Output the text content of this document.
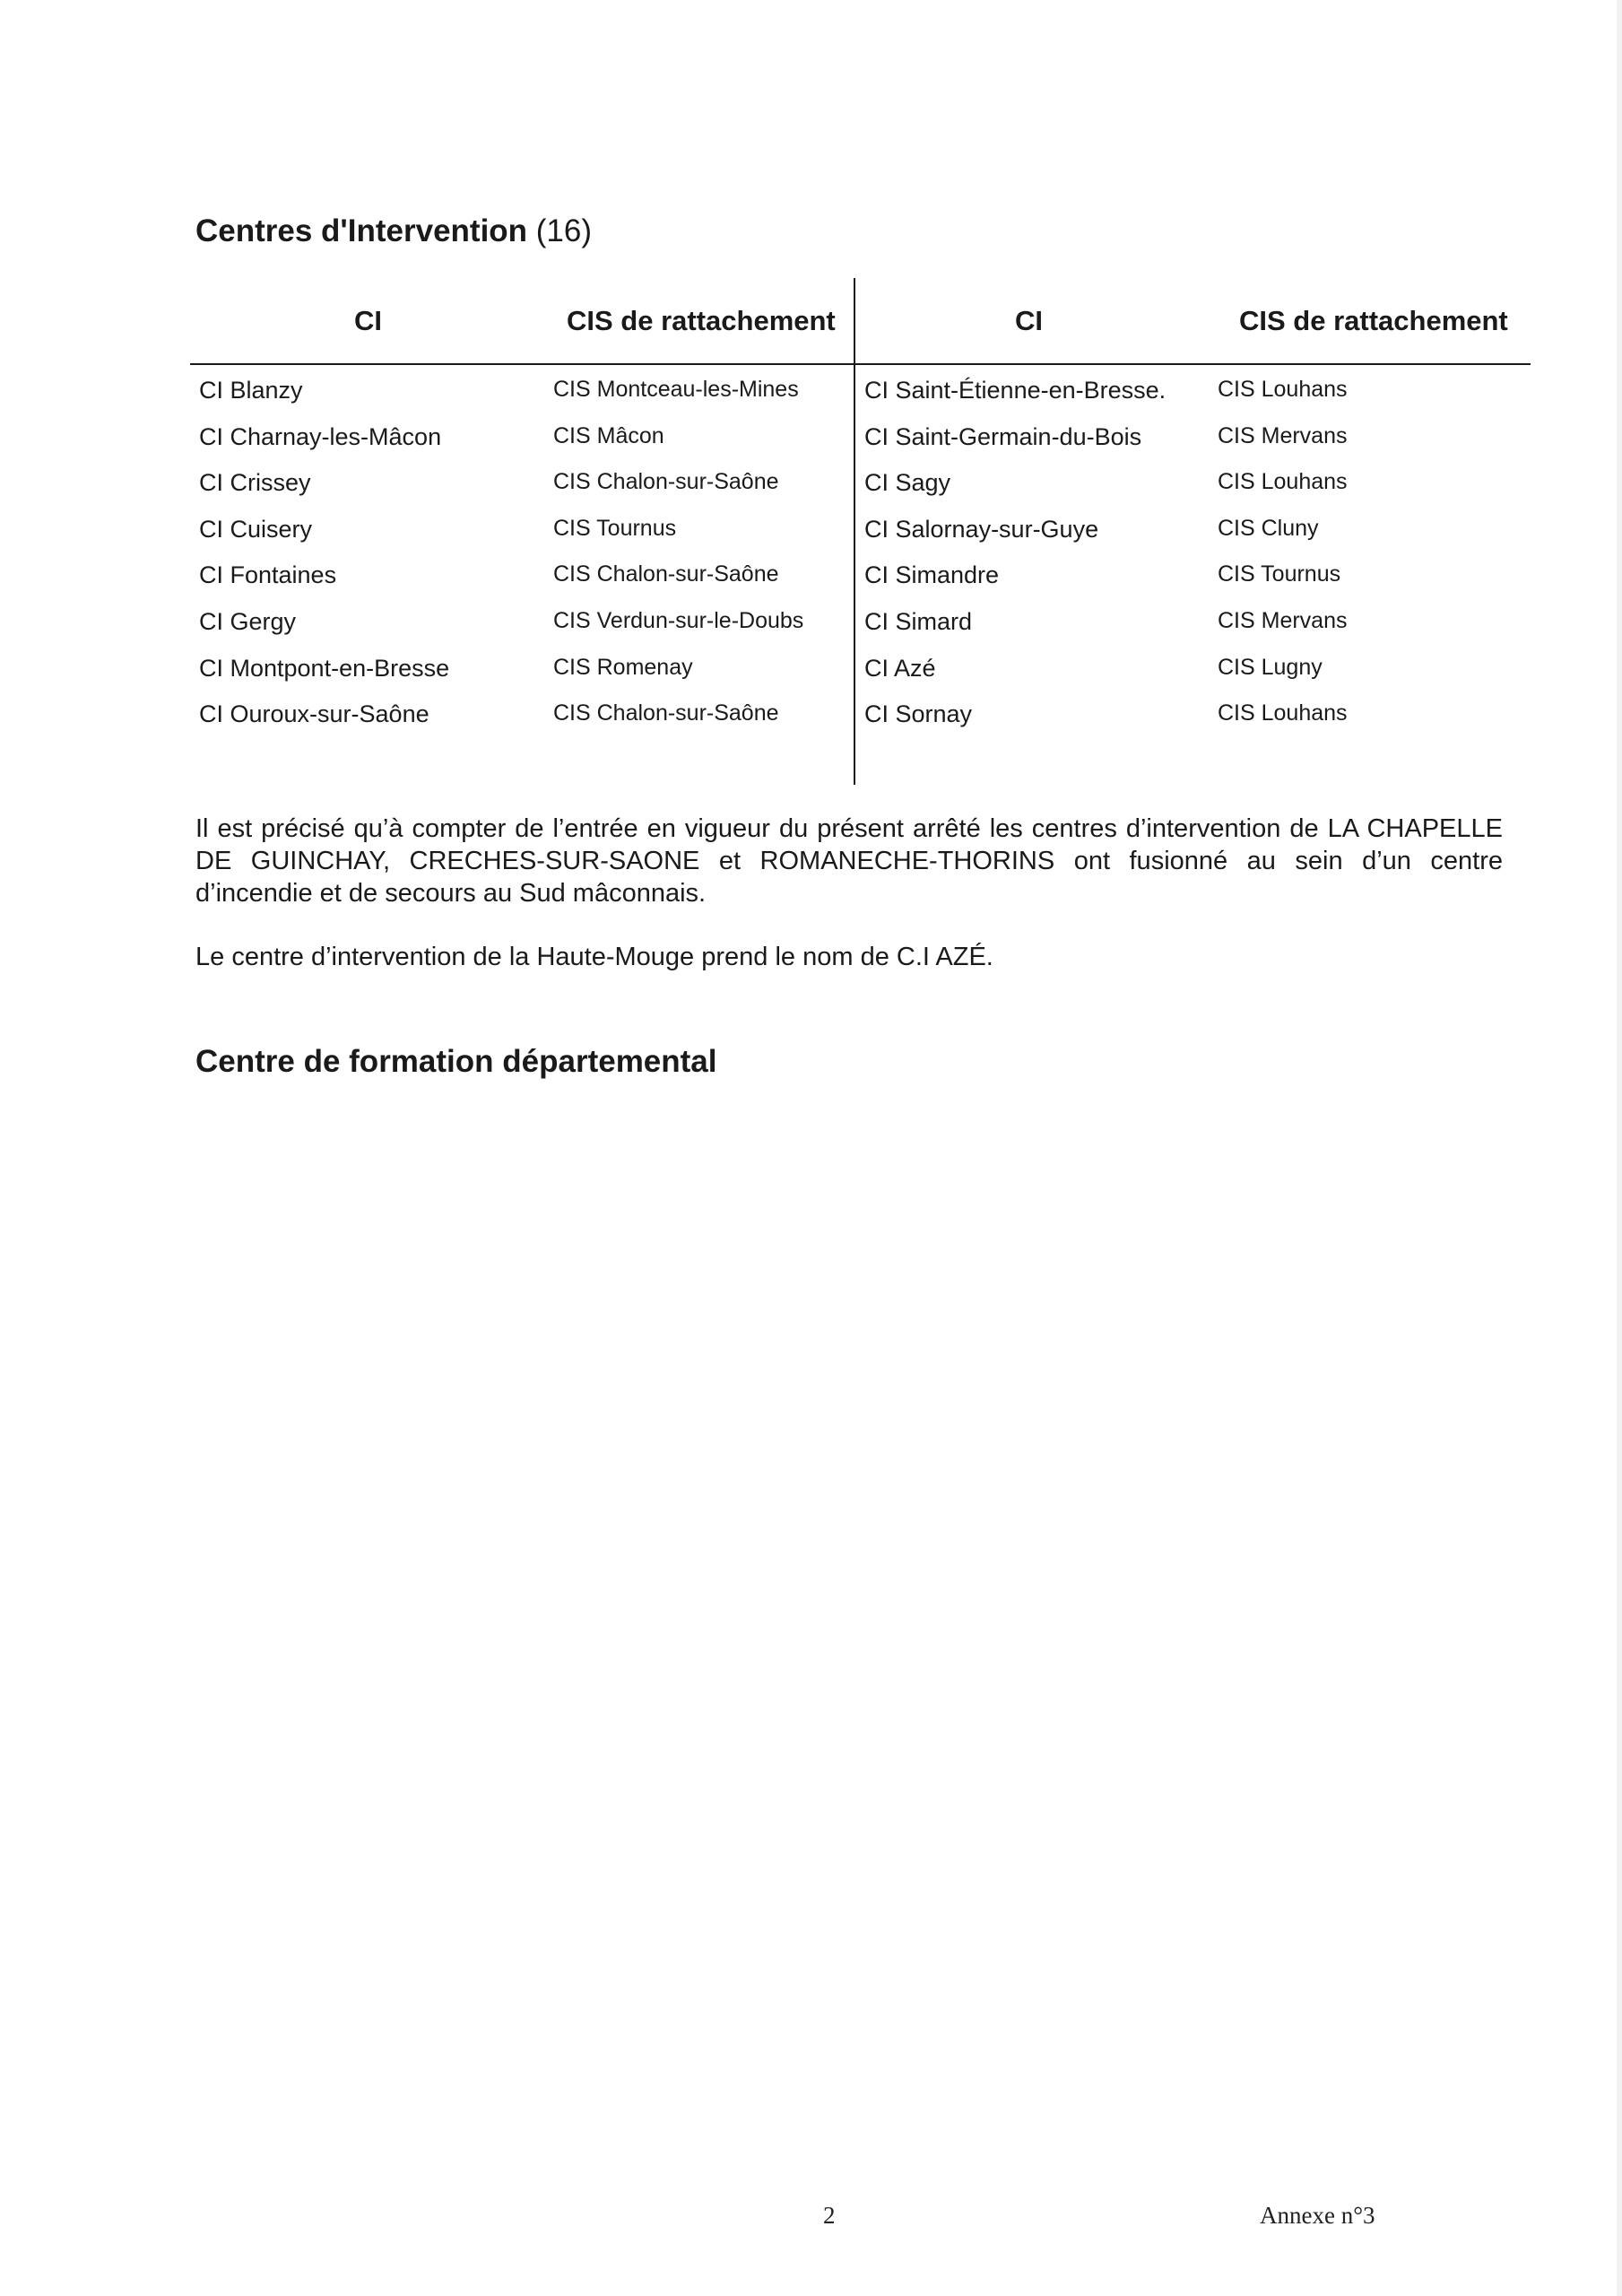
Centres d'Intervention (16)
CI	CIS de rattachement	CI	CIS de rattachement
CI Blanzy	CIS Montceau-les-Mines	CI Saint-Étienne-en-Bresse. CIS Louhans
CI Charnay-les-Mâcon	CIS Mâcon	CI Saint-Germain-du-Bois	CIS Mervans
CI Crissey	CIS Chalon-sur-Saône	CI Sagy	CIS Louhans
CI Cuisery	CIS Tournus	CI Salornay-sur-Guye	CIS Cluny
CI Fontaines	CIS Chalon-sur-Saône	CI Simandre	CIS Tournus
CI Gergy	CIS Verdun-sur-le-Doubs	CI Simard	CIS Mervans
CI Montpont-en-Bresse	CIS Romenay	CI Azé	CIS Lugny
CI Ouroux-sur-Saône	CIS Chalon-sur-Saône	CI Sornay	CIS Louhans

Il est précisé qu’à compter de l’entrée en vigueur du présent arrêté les centres d’intervention de LA CHAPELLE DE GUINCHAY, CRECHES-SUR-SAONE et ROMANECHE-THORINS ont fusionné au sein d’un centre d’incendie et de secours au Sud mâconnais.

Le centre d’intervention de la Haute-Mouge prend le nom de C.I AZÉ.

Centre de formation départemental
2	Annexe n°3
